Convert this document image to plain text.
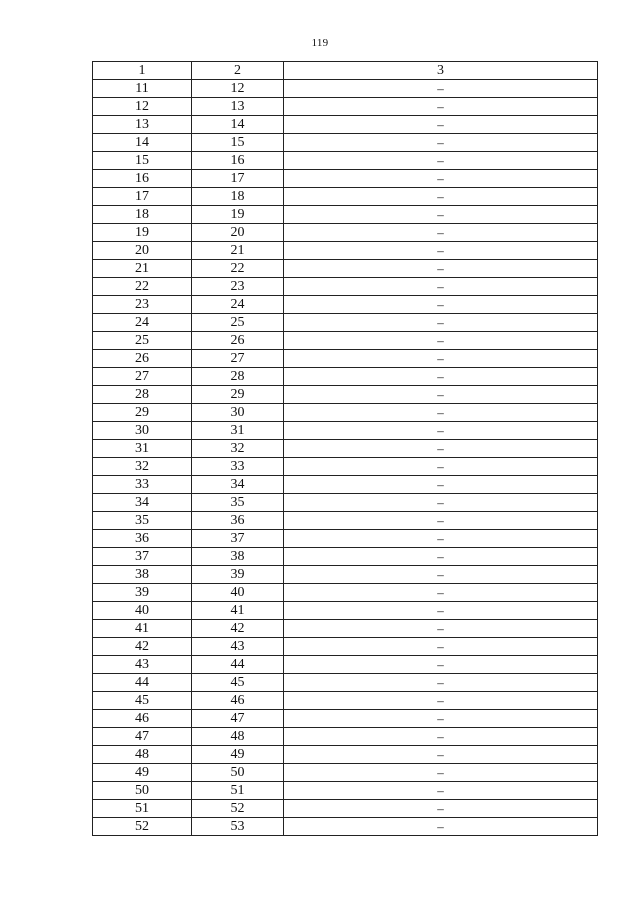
119
1	2	3
11	12	–
12	13	–
13	14	–
14	15	–
15	16	–
16	17	–
17	18	–
18	19	–
19	20	–
20	21	–
21	22	–
22	23	–
23	24	–
24	25	–
25	26	–
26	27	–
27	28	–
28	29	–
29	30	–
30	31	–
31	32	–
32	33	–
33	34	–
34	35	–
35	36	–
36	37	–
37	38	–
38	39	–
39	40	–
40	41	–
41	42	–
42	43	–
43	44	–
44	45	–
45	46	–
46	47	–
47	48	–
48	49	–
49	50	–
50	51	–
51	52	–
52	53	–
